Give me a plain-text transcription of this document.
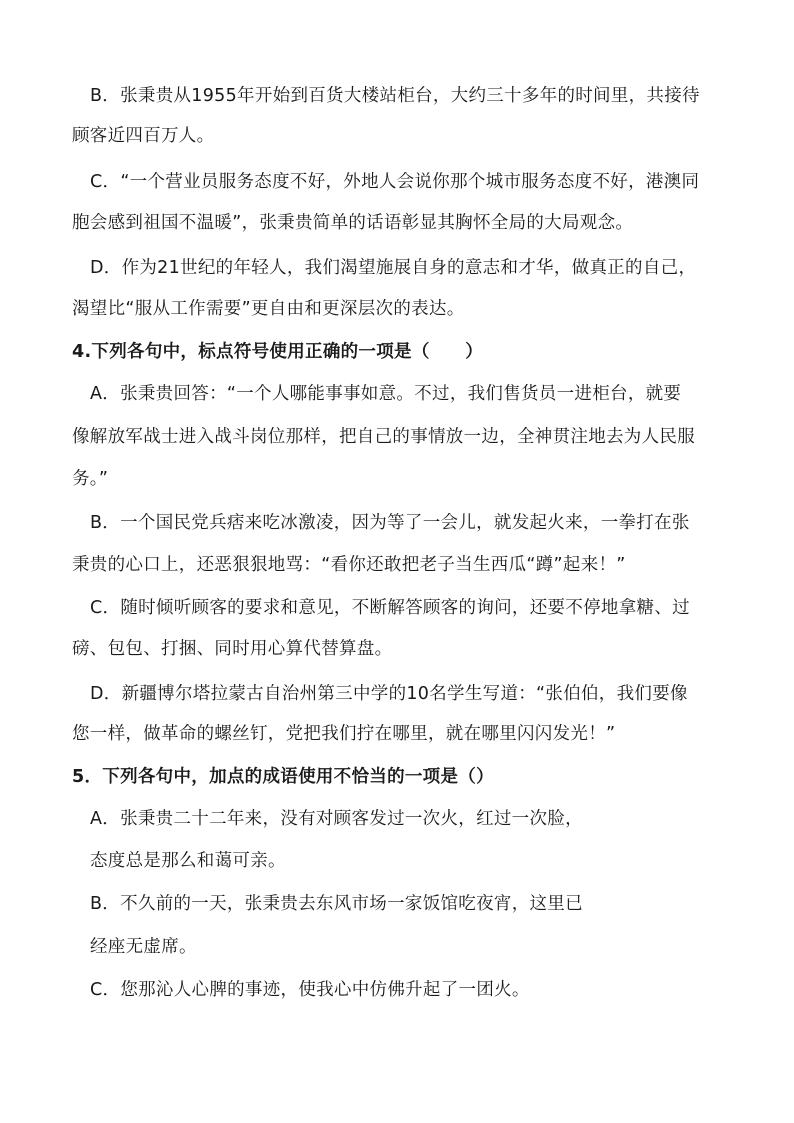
B．张秉贵从1955年开始到百货大楼站柜台，大约三十多年的时间里，共接待
顾客近四百万人。
C．“一个营业员服务态度不好，外地人会说你那个城市服务态度不好，港澳同
胞会感到祖国不温暖”，张秉贵简单的话语彰显其胸怀全局的大局观念。
D．作为21世纪的年轻人，我们渴望施展自身的意志和才华，做真正的自己，
渴望比“服从工作需要”更自由和更深层次的表达。
4.下列各句中，标点符号使用正确的一项是（　　）
A．张秉贵回答：“一个人哪能事事如意。不过，我们售货员一进柜台，就要
像解放军战士进入战斗岗位那样，把自己的事情放一边，全神贯注地去为人民服
务。”
B．一个国民党兵痞来吃冰激凌，因为等了一会儿，就发起火来，一拳打在张
秉贵的心口上，还恶狠狠地骂：“看你还敢把老子当生西瓜“蹲”起来！”
C．随时倾听顾客的要求和意见，不断解答顾客的询问，还要不停地拿糖、过
磅、包包、打捆、同时用心算代替算盘。
D．新疆博尔塔拉蒙古自治州第三中学的10名学生写道：“张伯伯，我们要像
您一样，做革命的螺丝钉，党把我们拧在哪里，就在哪里闪闪发光！”
5．下列各句中，加点的成语使用不恰当的一项是（）
A．张秉贵二十二年来，没有对顾客发过一次火，红过一次脸，
态度总是那么和蔼可亲。
B．不久前的一天，张秉贵去东风市场一家饭馆吃夜宵，这里已
经座无虚席。
C．您那沁人心脾的事迹，使我心中仿佛升起了一团火。
